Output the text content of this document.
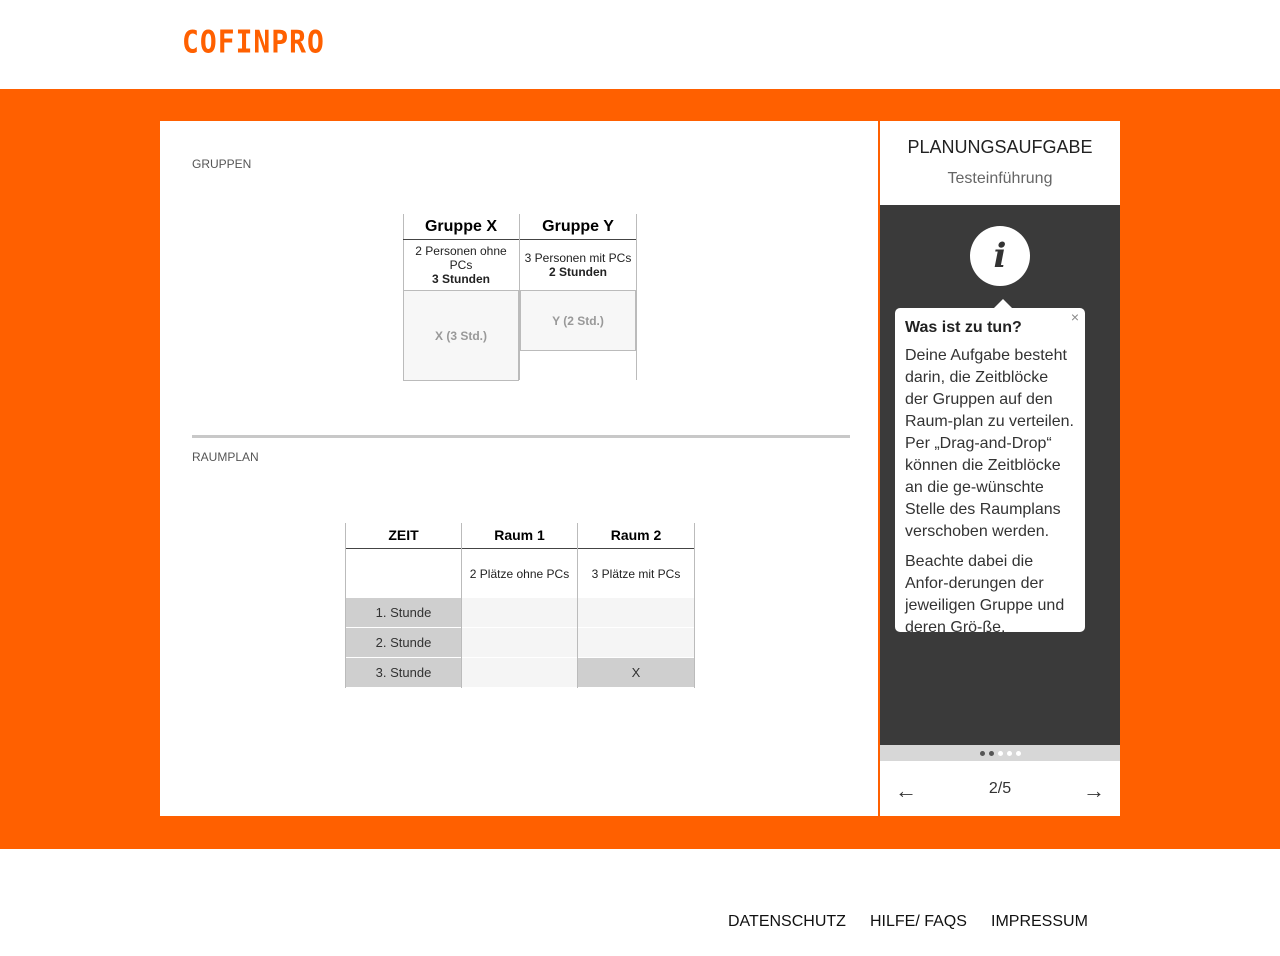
COFINPRO
GRUPPEN
Gruppe X
2 Personen ohne PCs
3 Stunden
X (3 Std.)
Gruppe Y
3 Personen mit PCs
2 Stunden
Y (2 Std.)
RAUMPLAN
ZEIT
1. Stunde
2. Stunde
3. Stunde
Raum 1
2 Plätze ohne PCs
Raum 2
3 Plätze mit PCs
X
PLANUNGSAUFGABE
Testeinführung
i
×
Was ist zu tun?

Deine Aufgabe besteht darin, die Zeitblöcke der Gruppen auf den Raum-plan zu verteilen. Per „Drag-and-Drop“ können die Zeitblöcke an die ge-wünschte Stelle des Raumplans verschoben werden.

Beachte dabei die Anfor-derungen der jeweiligen Gruppe und deren Grö-ße.

←	2/5	→
DATENSCHUTZ HILFE/ FAQS IMPRESSUM
